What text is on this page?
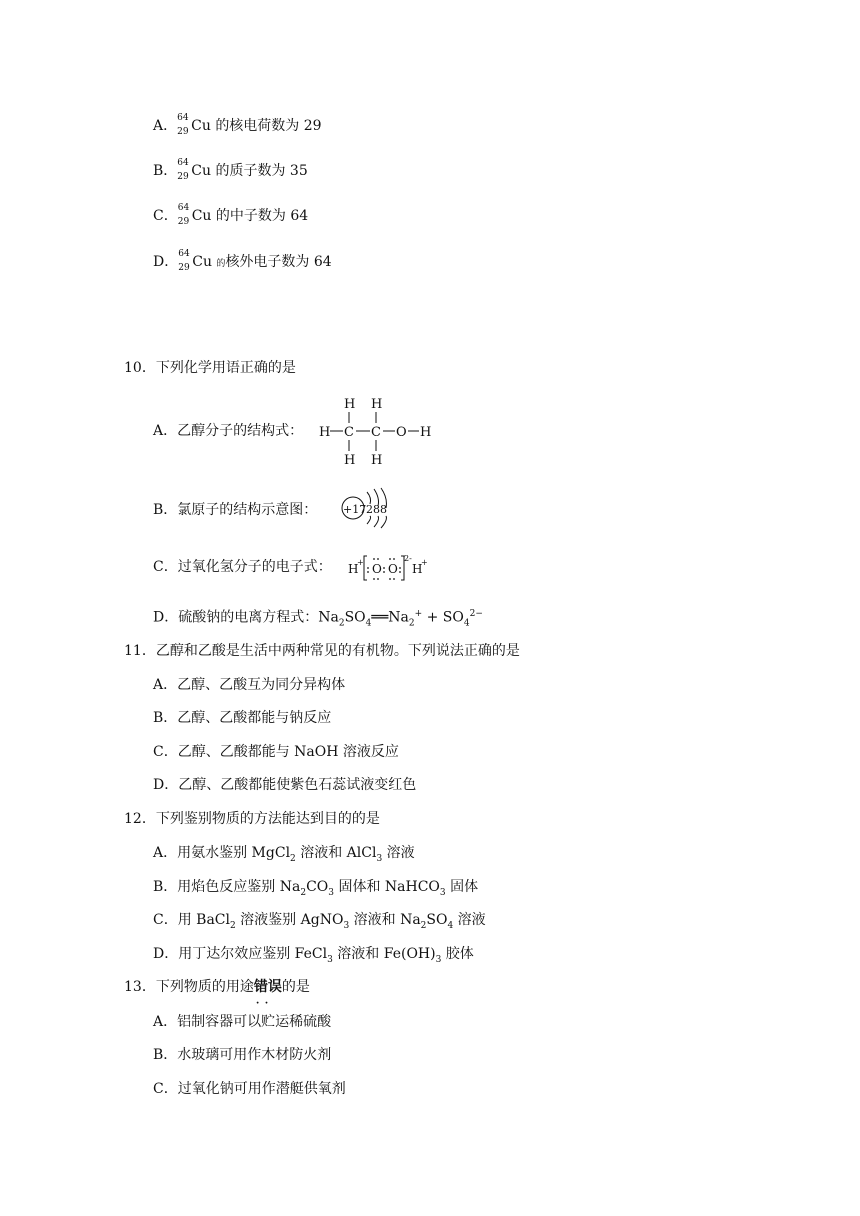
A． 64
29 Cu 的核电荷数为 29
B． 64
29 Cu 的质子数为 35
C． 64
29 Cu 的中子数为 64
D． 64
29 Cu 的核外电子数为 64
10．下列化学用语正确的是
A．乙醇分子的结构式：
H H
H C C O H
H H
B．氯原子的结构示意图： +17 288
C．过氧化氢分子的电子式： H
+ O O
2-
H
+
D．硫酸钠的电离方程式：$Na_2SO_4══Na_2^+ + SO_4^{2-}$
11．乙醇和乙酸是生活中两种常见的有机物。下列说法正确的是
A．乙醇、乙酸互为同分异构体
B．乙醇、乙酸都能与钠反应
C．乙醇、乙酸都能与 NaOH 溶液反应
D．乙醇、乙酸都能使紫色石蕊试液变红色
12．下列鉴别物质的方法能达到目的的是
A．用氨水鉴别 MgCl$_2$ 溶液和 AlCl$_3$ 溶液
B．用焰色反应鉴别 $Na_2CO_3$ 固体和 NaHCO$_3$ 固体
C．用 BaCl$_2$ 溶液鉴别 AgNO$_3$ 溶液和 $Na_2SO_4$ 溶液
D．用丁达尔效应鉴别 FeCl$_3$ 溶液和 $Fe(OH)_3$ 胶体
13．下列物质的用途错误 · ·的是
A．铝制容器可以贮运稀硫酸
B．水玻璃可用作木材防火剂
C．过氧化钠可用作潜艇供氧剂
